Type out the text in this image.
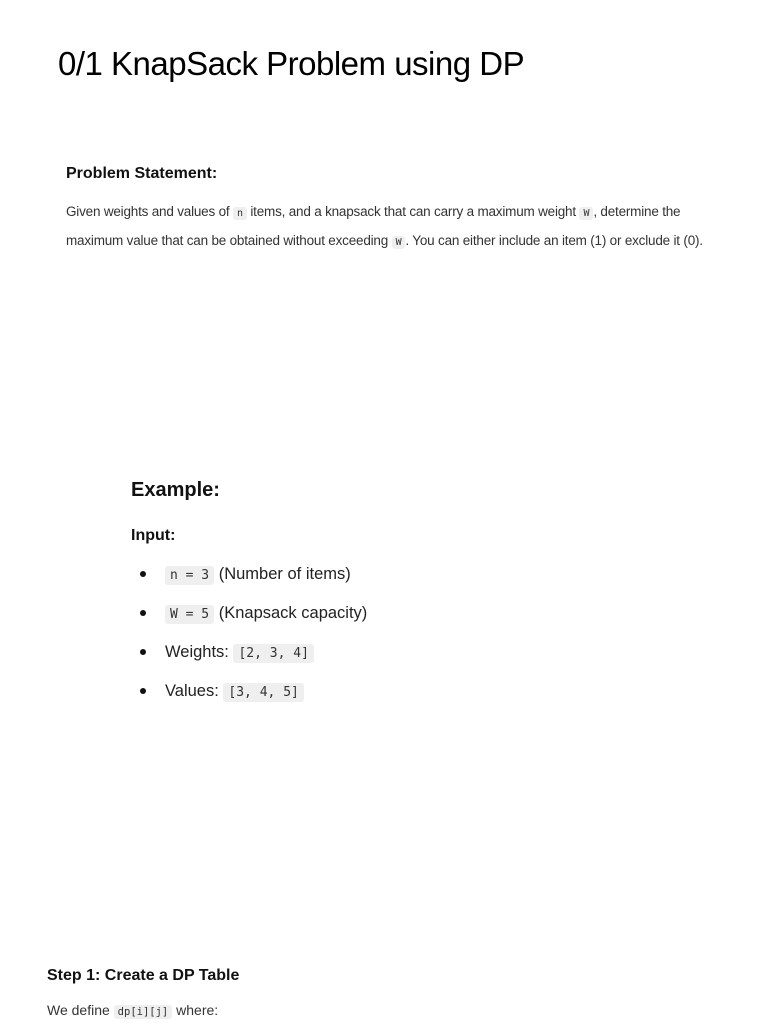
0/1 KnapSack Problem using DP
Problem Statement:

Given weights and values of n items, and a knapsack that can carry a maximum weight W , determine the maximum value that can be obtained without exceeding W . You can either include an item (1) or exclude it (0).

Example:
Input:
n = 3 (Number of items)
W = 5 (Knapsack capacity)
Weights: [2, 3, 4]
Values: [3, 4, 5]
Step 1: Create a DP Table

We define dp[i][j] where:
